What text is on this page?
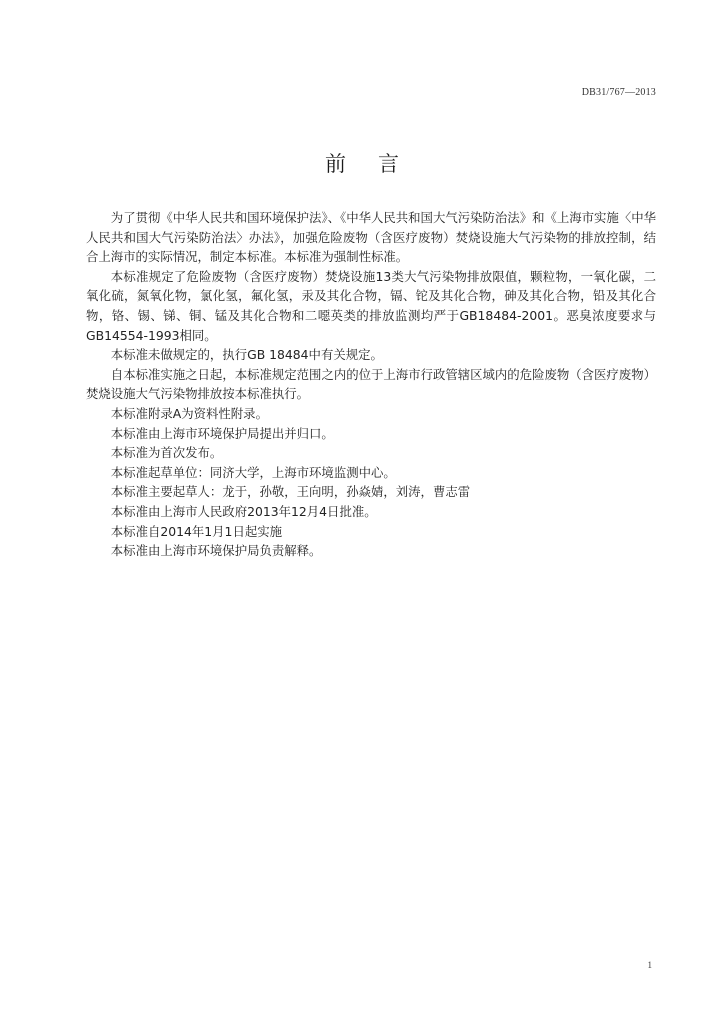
DB31/767—2013
前言

为了贯彻《中华人民共和国环境保护法》、《中华人民共和国大气污染防治法》和《上海市实施〈中华人民共和国大气污染防治法〉办法》，加强危险废物（含医疗废物）焚烧设施大气污染物的排放控制，结合上海市的实际情况，制定本标准。本标准为强制性标准。

本标准规定了危险废物（含医疗废物）焚烧设施13类大气污染物排放限值，颗粒物，一氧化碳，二氧化硫，氮氧化物，氯化氢，氟化氢，汞及其化合物，镉、铊及其化合物，砷及其化合物，铅及其化合物，铬、锡、锑、铜、锰及其化合物和二噁英类的排放监测均严于GB18484-2001。恶臭浓度要求与GB14554-1993相同。

本标准未做规定的，执行GB 18484中有关规定。

自本标准实施之日起，本标准规定范围之内的位于上海市行政管辖区域内的危险废物（含医疗废物）焚烧设施大气污染物排放按本标准执行。

本标准附录A为资料性附录。

本标准由上海市环境保护局提出并归口。

本标准为首次发布。

本标准起草单位：同济大学，上海市环境监测中心。

本标准主要起草人：龙于，孙敬，王向明，孙焱婧，刘涛，曹志雷

本标准由上海市人民政府2013年12月4日批准。

本标准自2014年1月1日起实施

本标准由上海市环境保护局负责解释。

1
